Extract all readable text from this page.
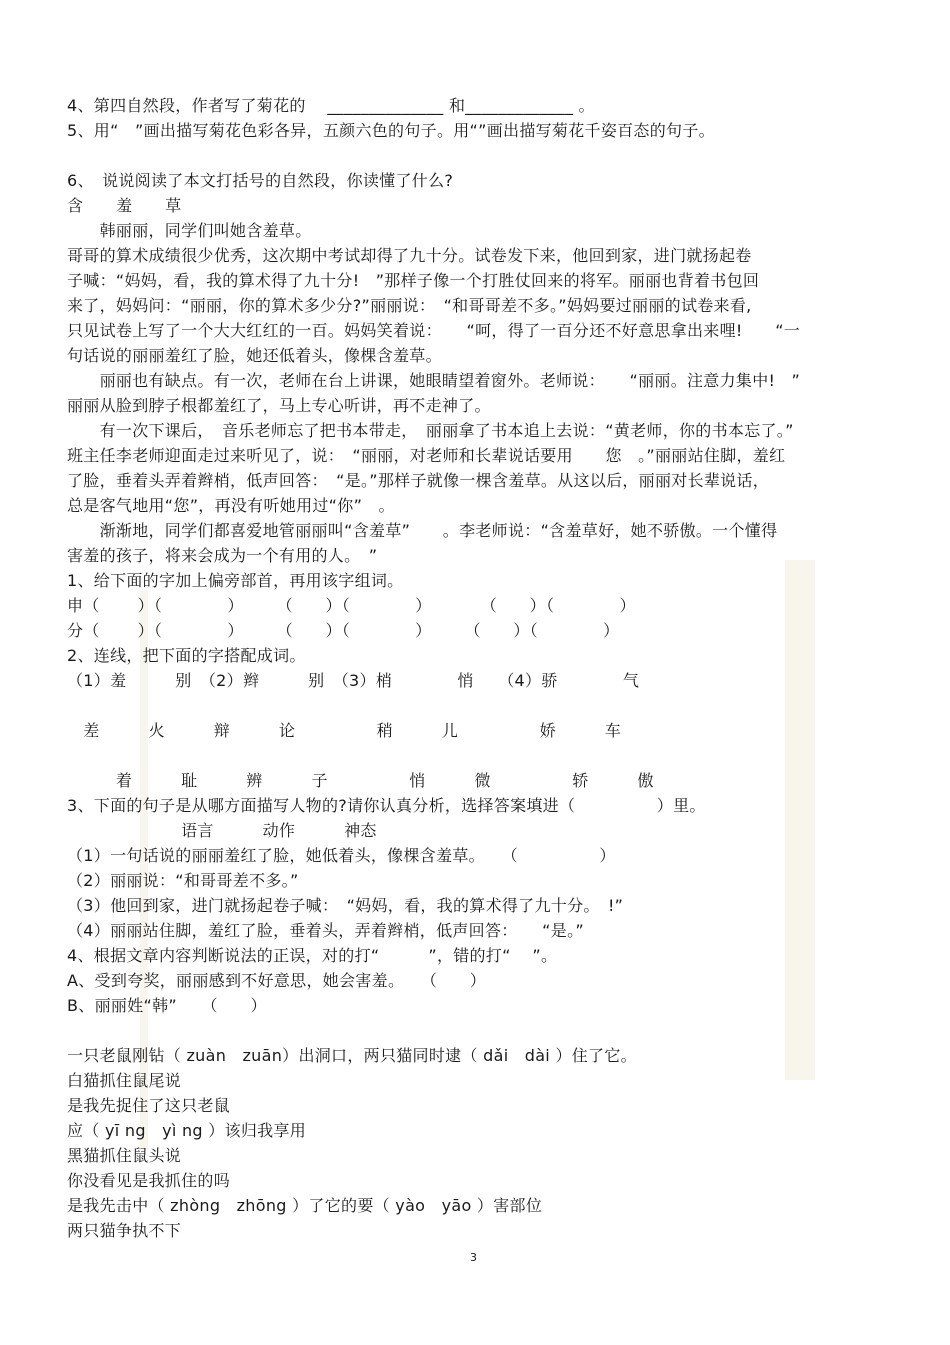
4、第四自然段，作者写了菊花的　 ______________ 和_____________ 。
5、用“　”画出描写菊花色彩各异，五颜六色的句子。用“”画出描写菊花千姿百态的句子。
6、　说说阅读了本文打括号的自然段，你读懂了什么?
含 羞 草
　　韩丽丽，同学们叫她含羞草。
哥哥的算术成绩很少优秀，这次期中考试却得了九十分。试卷发下来，他回到家，进门就扬起卷
子喊：“妈妈，看，我的算术得了九十分!　”那样子像一个打胜仗回来的将军。丽丽也背着书包回
来了，妈妈问：“丽丽，你的算术多少分?”丽丽说：　“和哥哥差不多。”妈妈要过丽丽的试卷来看,
只见试卷上写了一个大大红红的一百。妈妈笑着说：　　“呵，得了一百分还不好意思拿出来哩!　　“一
句话说的丽丽羞红了脸，她还低着头，像棵含羞草。
　　丽丽也有缺点。有一次，老师在台上讲课，她眼睛望着窗外。老师说：　　“丽丽。注意力集中!　”
丽丽从脸到脖子根都羞红了，马上专心听讲，再不走神了。
　　有一次下课后，　音乐老师忘了把书本带走，　丽丽拿了书本追上去说：“黄老师，你的书本忘了。”
班主任李老师迎面走过来听见了，说：　“丽丽，对老师和长辈说话要用　　您　。”丽丽站住脚，羞红
了脸，垂着头弄着辫梢，低声回答：　“是。”那样子就像一棵含羞草。从这以后，丽丽对长辈说话，
总是客气地用“您”，再没有听她用过“你”　。
　　渐渐地，同学们都喜爱地管丽丽叫“含羞草”　　。李老师说：“含羞草好，她不骄傲。一个懂得
害羞的孩子，将来会成为一个有用的人。　”
1、给下面的字加上偏旁部首，再用该字组词。
申（　　 ）（　　　　）　　　（　　）（　　　　）　　　　（　　）（　　　　）
分（　　 ）（　　　　）　　　（　　）（　　　　）　　　（　　）（　　　　）
2、连线，把下面的字搭配成词。
（1）羞　　　别　（2）辫　　　别　（3）梢　　　　悄　　（4）骄　　　　气
　差　　　火　　　辩　　　论　　　　　稍　　　儿　　　　　娇　　　车
　　　着　　　耻　　　辨　　　子　　　　　悄　　　微　　　　　轿　　　傲
3、下面的句子是从哪方面描写人物的?请你认真分析，选择答案填进（　　　　　）里。
　　　　　　　语言　　　动作　　　神态
（1）一句话说的丽丽羞红了脸，她低着头，像棵含羞草。　　（　　　　　）
（2）丽丽说：“和哥哥差不多。”
（3）他回到家，进门就扬起卷子喊：　“妈妈，看，我的算术得了九十分。　!”
（4）丽丽站住脚，羞红了脸，垂着头，弄着辫梢，低声回答：　　“是。”
4、根据文章内容判断说法的正误，对的打“　　　”，错的打“　 ”。
A、受到夸奖，丽丽感到不好意思，她会害羞。　　（　　）
B、丽丽姓“韩”　　（　　）
一只老鼠刚钻（ zuàn　zuān）出洞口，两只猫同时逮（ dǎi　dài ）住了它。
白猫抓住鼠尾说
是我先捉住了这只老鼠
应（ yī ng　yì ng ）该归我享用
黑猫抓住鼠头说
你没看见是我抓住的吗
是我先击中（ zhòng　zhōng ）了它的要（ yào　yāo ）害部位
两只猫争执不下
3
